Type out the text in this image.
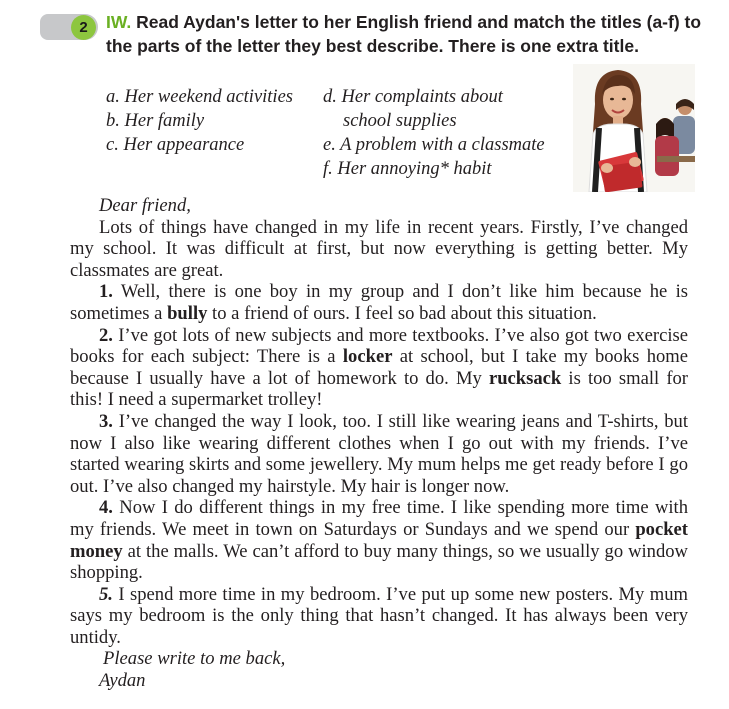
2	IW. Read Aydan's letter to her English friend and match the titles (a-f) to the parts of the letter they best describe. There is one extra title.
a. Her weekend activities
b. Her family
c. Her appearance
d. Her complaints about
school supplies
e. A problem with a classmate
f. Her annoying* habit

Dear friend,

Lots of things have changed in my life in recent years. Firstly, I’ve changed my school. It was difficult at first, but now everything is getting better. My classmates are great.

1. Well, there is one boy in my group and I don’t like him because he is sometimes a bully to a friend of ours. I feel so bad about this situation.

2. I’ve got lots of new subjects and more textbooks. I’ve also got two exercise books for each subject: There is a locker at school, but I take my books home because I usually have a lot of homework to do. My rucksack is too small for this! I need a supermarket trolley!

3. I’ve changed the way I look, too. I still like wearing jeans and T-shirts, but now I also like wearing different clothes when I go out with my friends. I’ve started wearing skirts and some jewellery. My mum helps me get ready before I go out. I’ve also changed my hairstyle. My hair is longer now.

4. Now I do different things in my free time. I like spending more time with my friends. We meet in town on Saturdays or Sundays and we spend our pocket money at the malls. We can’t afford to buy many things, so we usually go window shopping.

5. I spend more time in my bedroom. I’ve put up some new posters. My mum says my bedroom is the only thing that hasn’t changed. It has always been very untidy.

Please write to me back,

Aydan
